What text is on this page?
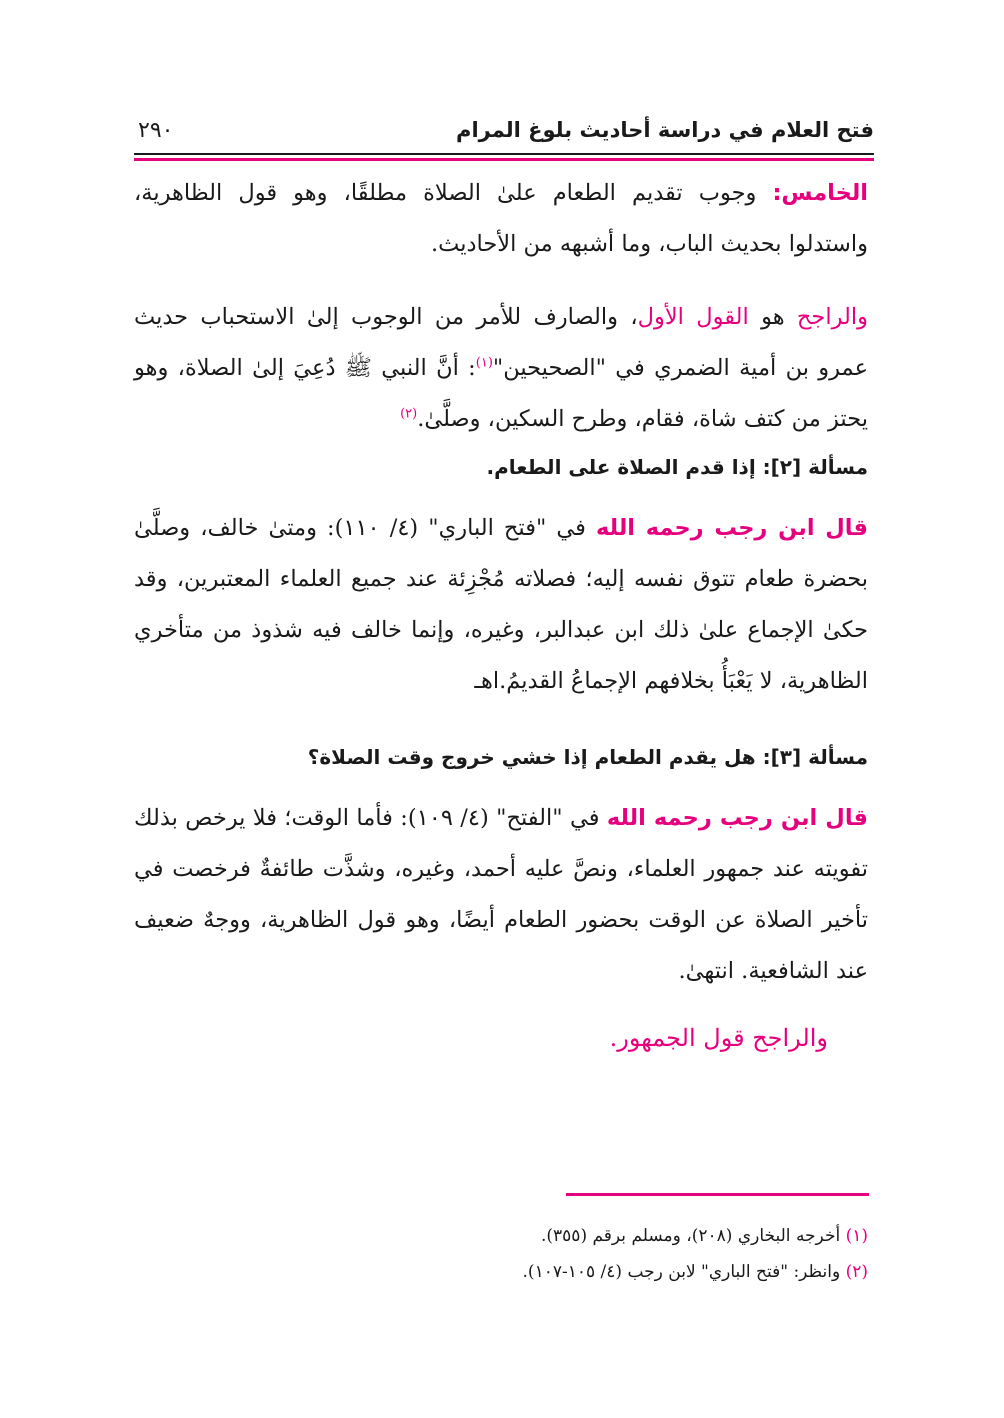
فتح العلام في دراسة أحاديث بلوغ المرام
٢٩٠

الخامس: وجوب تقديم الطعام علىٰ الصلاة مطلقًا، وهو قول الظاهرية، واستدلوا بحديث الباب، وما أشبهه من الأحاديث.

والراجح هو القول الأول، والصارف للأمر من الوجوب إلىٰ الاستحباب حديث عمرو بن أمية الضمري في "الصحيحين"$^{(١)}$: أنَّ النبي ﷺ دُعِيَ إلىٰ الصلاة، وهو يحتز من كتف شاة، فقام، وطرح السكين، وصلَّىٰ.$^{(٢)}$

مسألة [٢]: إذا قدم الصلاة على الطعام.

قال ابن رجب رحمه الله في "فتح الباري" (٤/ ١١٠): ومتىٰ خالف، وصلَّىٰ بحضرة طعام تتوق نفسه إليه؛ فصلاته مُجْزِئة عند جميع العلماء المعتبرين، وقد حكىٰ الإجماع علىٰ ذلك ابن عبدالبر، وغيره، وإنما خالف فيه شذوذ من متأخري الظاهرية، لا يَعْبَأُ بخلافهم الإجماعُ القديمُ.اهـ

مسألة [٣]: هل يقدم الطعام إذا خشي خروج وقت الصلاة؟

قال ابن رجب رحمه الله في "الفتح" (٤/ ١٠٩): فأما الوقت؛ فلا يرخص بذلك تفويته عند جمهور العلماء، ونصَّ عليه أحمد، وغيره، وشذَّت طائفةٌ فرخصت في تأخير الصلاة عن الوقت بحضور الطعام أيضًا، وهو قول الظاهرية، ووجهٌ ضعيف عند الشافعية. انتهىٰ.

والراجح قول الجمهور.

(١) أخرجه البخاري (٢٠٨)، ومسلم برقم (٣٥٥).

(٢) وانظر: "فتح الباري" لابن رجب (٤/ ١٠٥-١٠٧).
